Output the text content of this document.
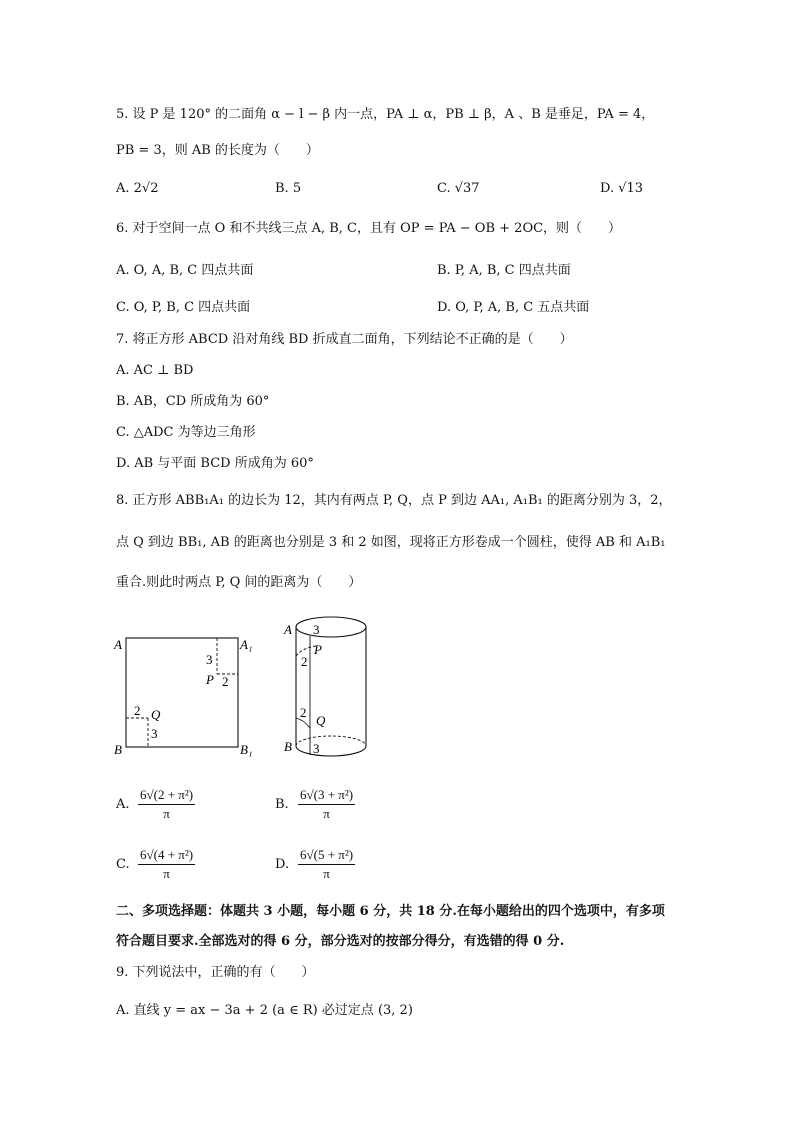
5. 设 P 是 120° 的二面角 α − l − β 内一点，PA ⊥ α，PB ⊥ β，A 、B 是垂足，PA = 4，
PB = 3，则 AB 的长度为（　　）
A. 2√2	B. 5	C. √37	D. √13
6. 对于空间一点 O 和不共线三点 A, B, C，且有 OP = PA − OB + 2OC，则（　　）
A. O, A, B, C 四点共面	B. P, A, B, C 四点共面
C. O, P, B, C 四点共面	D. O, P, A, B, C 五点共面
7. 将正方形 ABCD 沿对角线 BD 折成直二面角，下列结论不正确的是（　　）
A. AC ⊥ BD
B. AB，CD 所成角为 60°
C. △ADC 为等边三角形
D. AB 与平面 BCD 所成角为 60°
8. 正方形 ABB₁A₁ 的边长为 12，其内有两点 P, Q，点 P 到边 AA₁, A₁B₁ 的距离分别为 3，2，
点 Q 到边 BB₁, AB 的距离也分别是 3 和 2 如图，现将正方形卷成一个圆柱，使得 AB 和 A₁B₁
重合.则此时两点 P, Q 间的距离为（　　）
A	A₁
B	B₁
3
P 2
2 Q
3
A 3
P
2
2
Q
B 3
A. $\frac{\text{6√(2 + π²)}}{\pi}$	B. $\frac{\text{6√(3 + π²)}}{\pi}$
C. $\frac{\text{6√(4 + π²)}}{\pi}$	D. $\frac{\text{6√(5 + π²)}}{\pi}$
二、多项选择题：体题共 3 小题，每小题 6 分，共 18 分.在每小题给出的四个选项中，有多项
符合题目要求.全部选对的得 6 分，部分选对的按部分得分，有选错的得 0 分.
9. 下列说法中，正确的有（　　）
A. 直线 y = ax − 3a + 2 (a ∈ R) 必过定点 (3, 2)
